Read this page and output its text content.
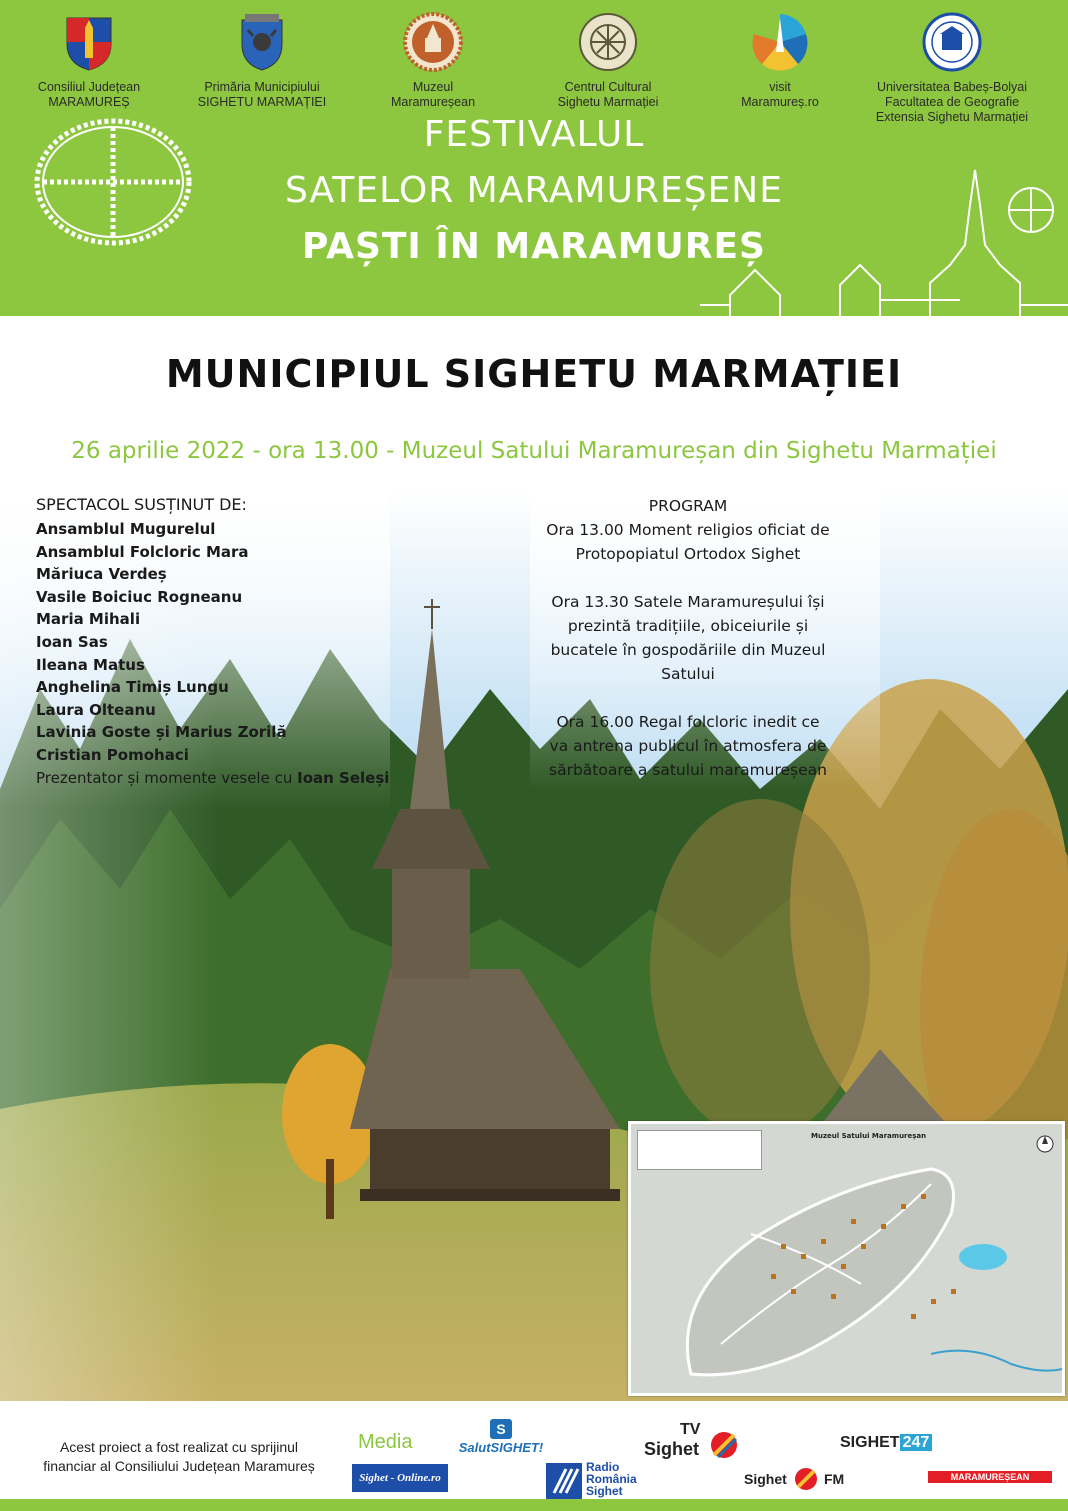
Consiliul Județean
MARAMUREȘ
Primăria Municipiului
SIGHETU MARMAȚIEI
Muzeul
Maramureșean
Centrul Cultural
Sighetu Marmației
visit
Maramureș.ro
Universitatea Babeș-Bolyai
Facultatea de Geografie
Extensia Sighetu Marmației
FESTIVALUL
SATELOR MARAMUREȘENE
PAȘTI ÎN MARAMUREȘ
MUNICIPIUL SIGHETU MARMAȚIEI
26 aprilie 2022 - ora 13.00 - Muzeul Satului Maramureșan din Sighetu Marmației
SPECTACOL SUSȚINUT DE:
Ansamblul Mugurelul
Ansamblul Folcloric Mara
Măriuca Verdeș
Vasile Boiciuc Rogneanu
Maria Mihali
Ioan Sas
Ileana Matus
Anghelina Timiș Lungu
Laura Olteanu
Lavinia Goste și Marius Zorilă
Cristian Pomohaci
Prezentator și momente vesele cu Ioan Seleși
PROGRAM
Ora 13.00 Moment religios oficiat de
Protopopiatul Ortodox Sighet
Ora 13.30 Satele Maramureșului își
prezintă tradițiile, obiceiurile și
bucatele în gospodăriile din Muzeul
Satului
Ora 16.00 Regal folcloric inedit ce
va antrena publicul în atmosfera de
sărbătoare a satului maramureșean
Muzeul Satului Maramureșan
Acest proiect a fost realizat cu sprijinul
financiar al Consiliului Județean Maramureș
Media
Sighet - Online.ro
S
SalutSIGHET!
Radio
România
Sighet
TV
Sighet	SIGHET 247
Sighet	FM	MARAMUREȘEAN
